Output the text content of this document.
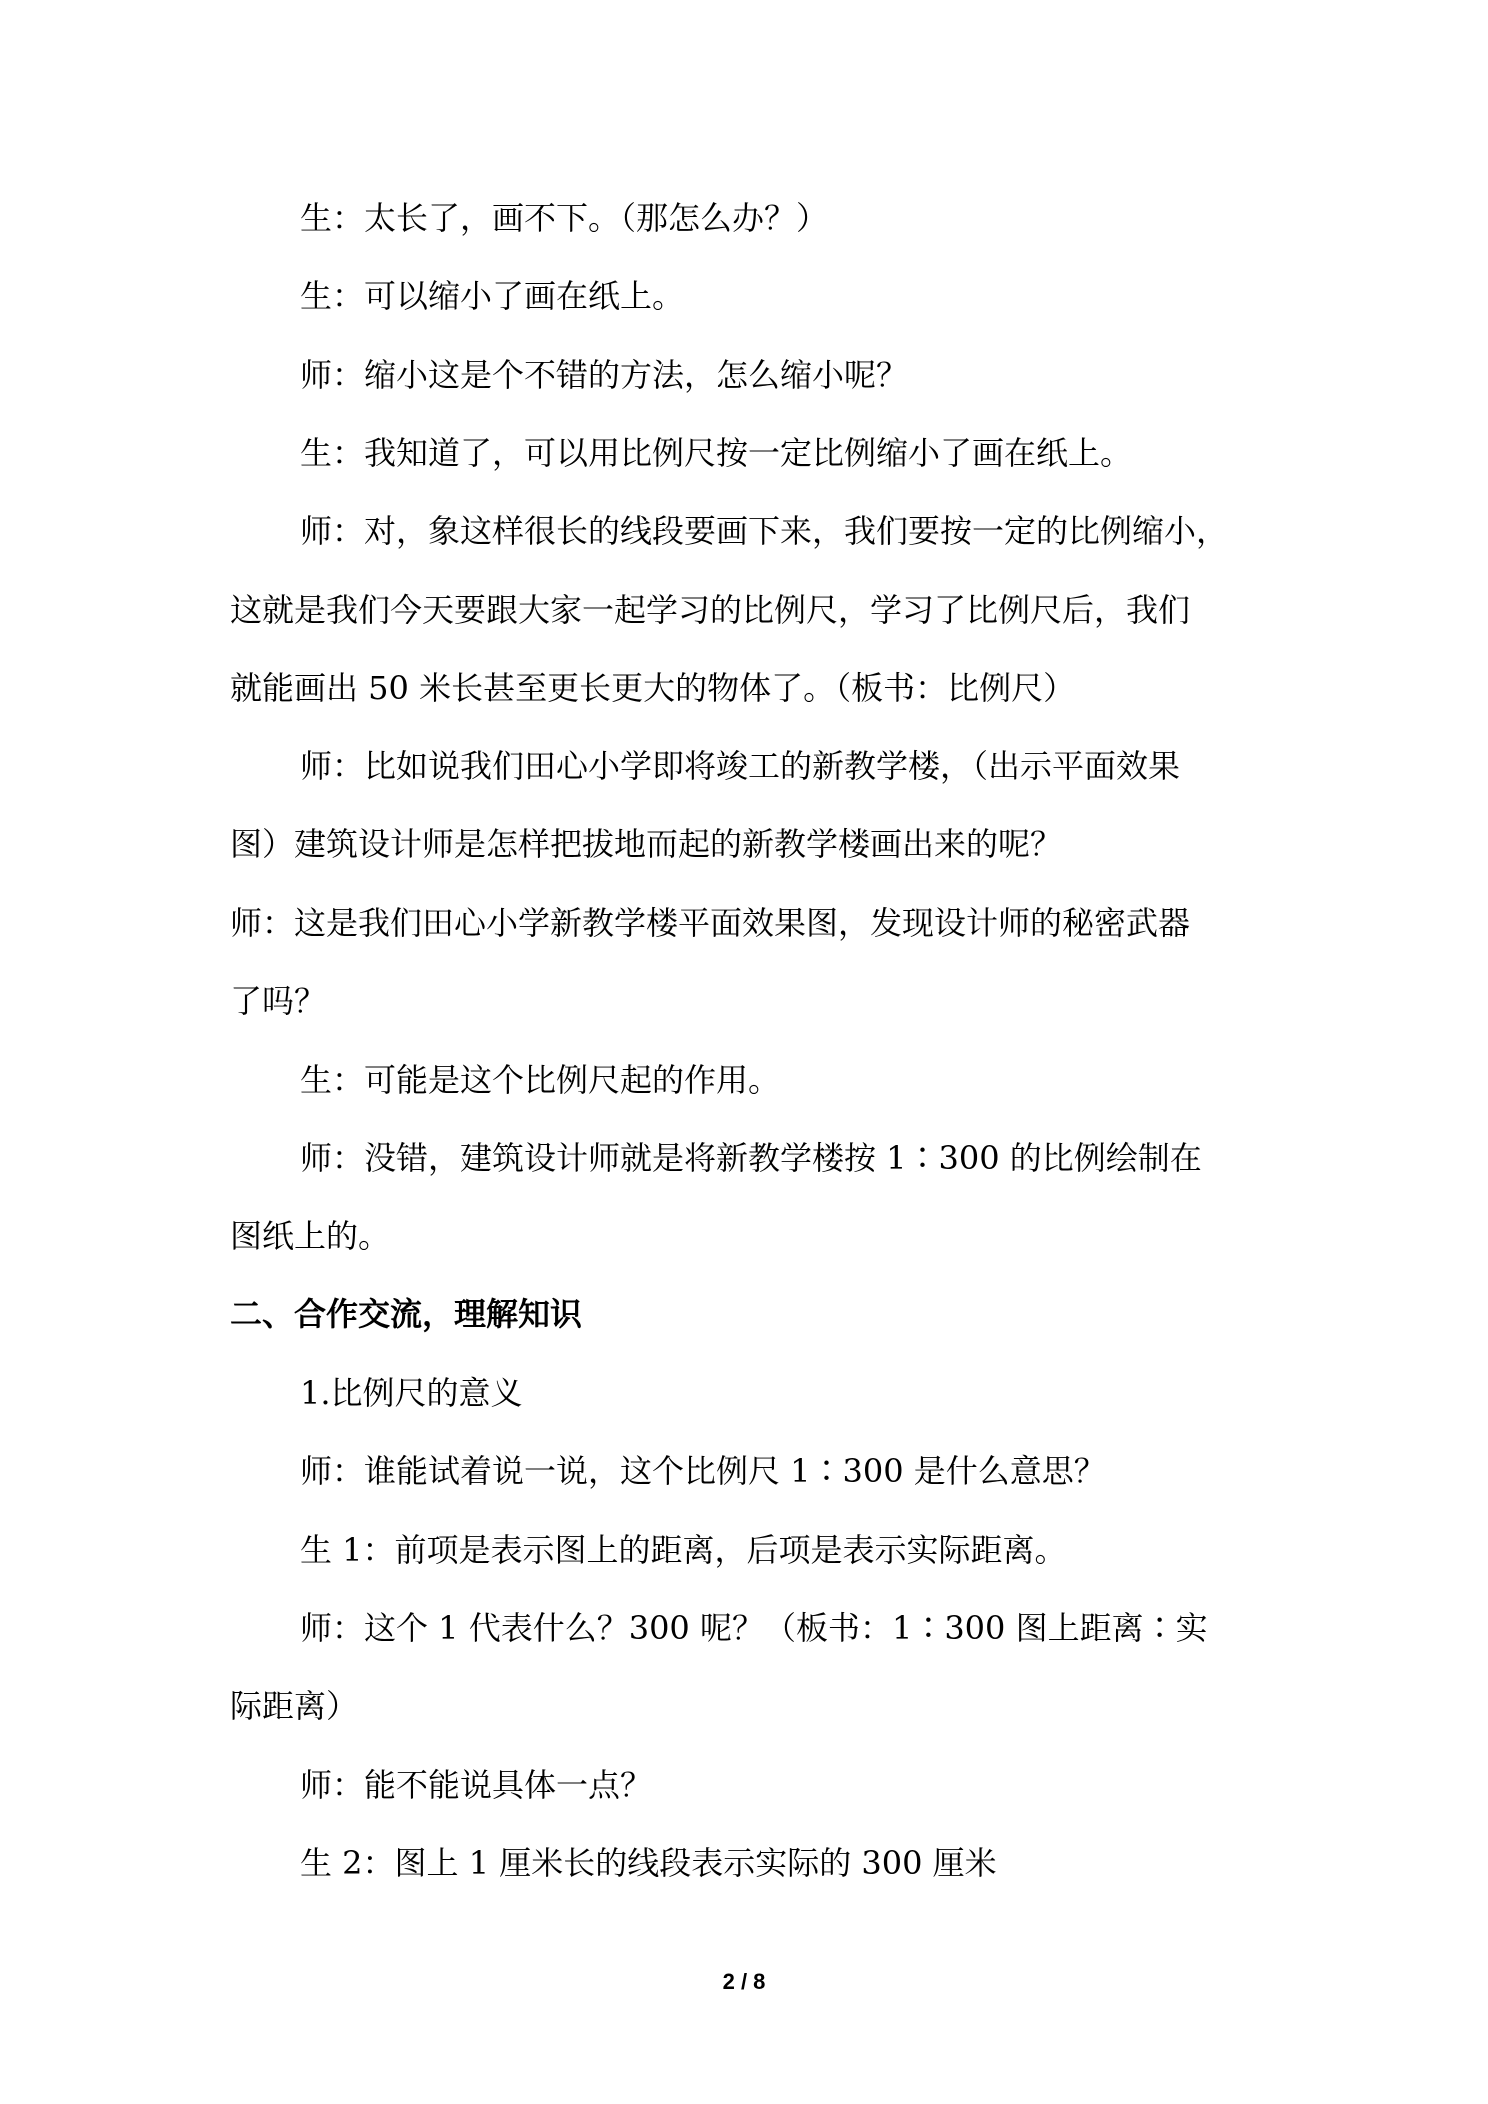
生：太长了，画不下。（那怎么办？）
生：可以缩小了画在纸上。
师：缩小这是个不错的方法，怎么缩小呢？
生：我知道了，可以用比例尺按一定比例缩小了画在纸上。
师：对，象这样很长的线段要画下来，我们要按一定的比例缩小，
这就是我们今天要跟大家一起学习的比例尺，学习了比例尺后，我们
就能画出 50 米长甚至更长更大的物体了。（板书：比例尺）
师：比如说我们田心小学即将竣工的新教学楼，（出示平面效果
图）建筑设计师是怎样把拔地而起的新教学楼画出来的呢？
师：这是我们田心小学新教学楼平面效果图，发现设计师的秘密武器
了吗？
生：可能是这个比例尺起的作用。
师：没错，建筑设计师就是将新教学楼按 1∶300 的比例绘制在
图纸上的。
二、合作交流，理解知识
1.比例尺的意义
师：谁能试着说一说，这个比例尺 1∶300 是什么意思？
生 1：前项是表示图上的距离，后项是表示实际距离。
师：这个 1 代表什么？300 呢？（板书：1∶300 图上距离∶实
际距离）
师：能不能说具体一点？
生 2：图上 1 厘米长的线段表示实际的 300 厘米
2 / 8
